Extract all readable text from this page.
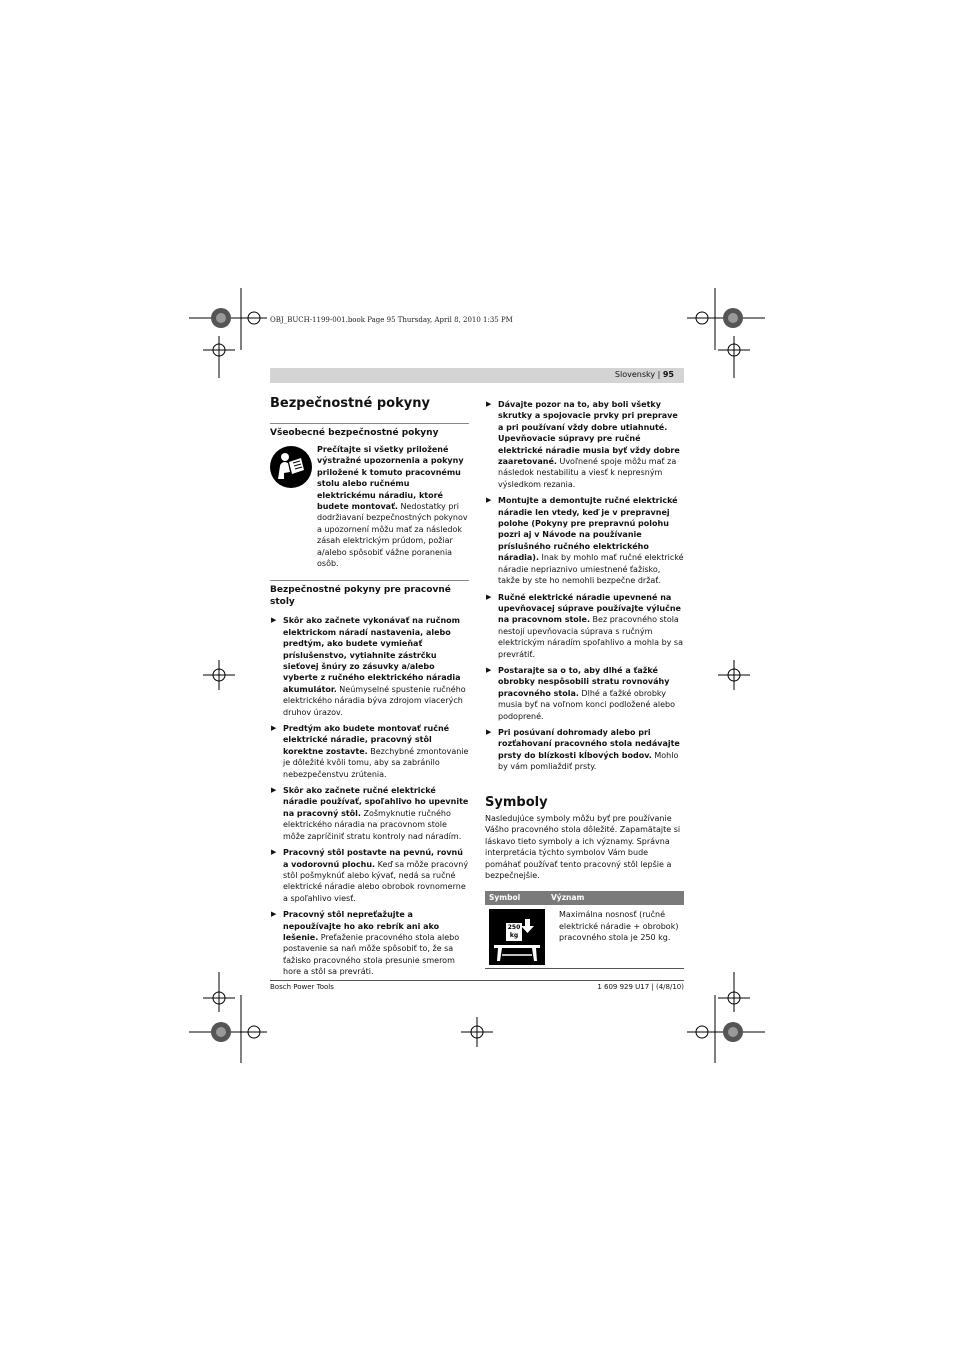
OBJ_BUCH-1199-001.book Page 95 Thursday, April 8, 2010 1:35 PM
Slovensky | 95
Bezpečnostné pokyny
Všeobecné bezpečnostné pokyny

Prečítajte si všetky priložené výstražné upozornenia a pokyny priložené k tomuto pracovnému stolu alebo ručnému elektrickému náradiu, ktoré budete montovať. Nedostatky pri dodržiavaní bezpečnostných pokynov a upozornení môžu mať za následok zásah elektrickým prúdom, požiar a/alebo spôsobiť vážne poranenia osôb.

Bezpečnostné pokyny pre pracovné stoly
▶ Skôr ako začnete vykonávať na ručnom elektrickom náradí nastavenia, alebo predtým, ako budete vymieňať príslušenstvo, vytiahnite zástrčku sieťovej šnúry zo zásuvky a/alebo vyberte z ručného elektrického náradia akumulátor. Neúmyselné spustenie ručného elektrického náradia býva zdrojom viacerých druhov úrazov.
▶ Predtým ako budete montovať ručné elektrické náradie, pracovný stôl korektne zostavte. Bezchybné zmontovanie je dôležité kvôli tomu, aby sa zabránilo nebezpečenstvu zrútenia.
▶ Skôr ako začnete ručné elektrické náradie používať, spoľahlivo ho upevnite na pracovný stôl. Zošmyknutie ručného elektrického náradia na pracovnom stole môže zapríčiniť stratu kontroly nad náradím.
▶ Pracovný stôl postavte na pevnú, rovnú a vodorovnú plochu. Keď sa môže pracovný stôl pošmyknúť alebo kývať, nedá sa ručné elektrické náradie alebo obrobok rovnomerne a spoľahlivo viesť.
▶ Pracovný stôl nepreťažujte a nepoužívajte ho ako rebrík ani ako lešenie. Preťaženie pracovného stola alebo postavenie sa naň môže spôsobiť to, že sa ťažisko pracovného stola presunie smerom hore a stôl sa prevráti.
▶ Dávajte pozor na to, aby boli všetky skrutky a spojovacie prvky pri preprave a pri používaní vždy dobre utiahnuté. Upevňovacie súpravy pre ručné elektrické náradie musia byť vždy dobre zaaretované. Uvoľnené spoje môžu mať za následok nestabilitu a viesť k nepresným výsledkom rezania.
▶ Montujte a demontujte ručné elektrické náradie len vtedy, keď je v prepravnej polohe (Pokyny pre prepravnú polohu pozri aj v Návode na používanie príslušného ručného elektrického náradia). Inak by mohlo mať ručné elektrické náradie nepriaznivo umiestnené ťažisko, takže by ste ho nemohli bezpečne držať.
▶ Ručné elektrické náradie upevnené na upevňovacej súprave používajte výlučne na pracovnom stole. Bez pracovného stola nestojí upevňovacia súprava s ručným elektrickým náradím spoľahlivo a mohla by sa prevrátiť.
▶ Postarajte sa o to, aby dlhé a ťažké obrobky nespôsobili stratu rovnováhy pracovného stola. Dlhé a ťažké obrobky musia byť na voľnom konci podložené alebo podoprené.
▶ Pri posúvaní dohromady alebo pri rozťahovaní pracovného stola nedávajte prsty do blízkosti kĺbových bodov. Mohlo by vám pomliaždiť prsty.
Symboly

Nasledujúce symboly môžu byť pre používanie Vášho pracovného stola dôležité. Zapamätajte si láskavo tieto symboly a ich významy. Správna interpretácia týchto symbolov Vám bude pomáhať používať tento pracovný stôl lepšie a bezpečnejšie.

Symbol	Význam
250 kg
Maximálna nosnosť (ručné elektrické náradie + obrobok) pracovného stola je 250 kg.
Bosch Power Tools	1 609 929 U17 | (4/8/10)
